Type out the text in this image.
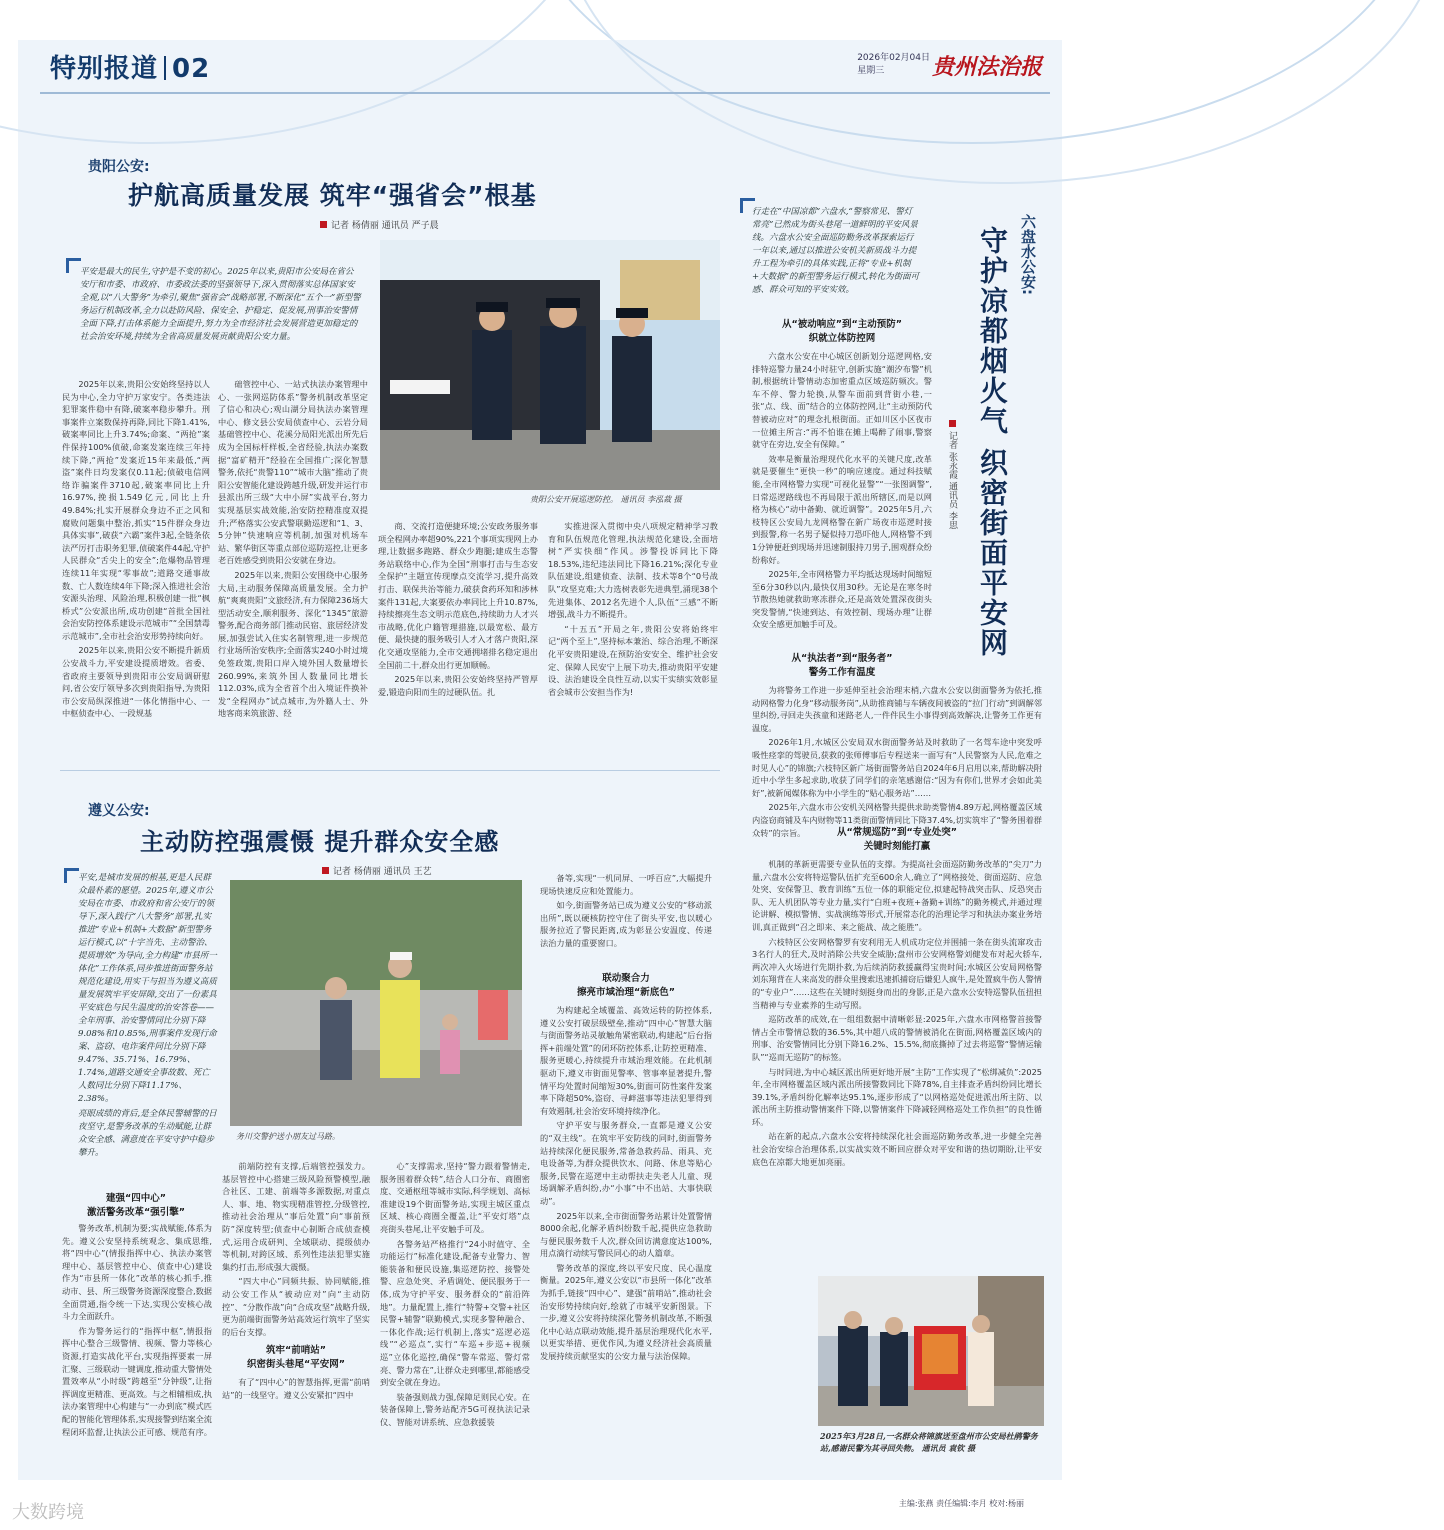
特别报道 02	2026年02月04日
星期三	贵州法治报
贵阳公安:
护航高质量发展 筑牢“强省会”根基
记者 杨倩丽 通讯员 严子晨
平安是最大的民生,守护是不变的初心。2025年以来,贵阳市公安局在省公安厅和市委、市政府、市委政法委的坚强领导下,深入贯彻落实总体国家安全观,以“八大警务”为牵引,聚焦“强省会”战略部署,不断深化“五个一”新型警务运行机制改革,全力以赴防风险、保安全、护稳定、促发展,刑事治安警情全面下降,打击体系能力全面提升,努力为全市经济社会发展营造更加稳定的社会治安环境,持续为全省高质量发展贡献贵阳公安力量。
贵阳公安开展巡逻防控。 通讯员 李泓裁 摄

2025年以来,贵阳公安始终坚持以人民为中心,全力守护万家安宁。各类违法犯罪案件稳中有降,破案率稳步攀升。刑事案件立案数保持再降,同比下降1.41%,破案率同比上升3.74%;命案、“两抢”案件保持100%侦破,命案发案连续三年持续下降,“两抢”发案近15年来最低,“两盗”案件日均发案仅0.11起;侦破电信网络诈骗案件3710起,破案率同比上升16.97%,挽损1.549亿元,同比上升49.84%;扎实开展群众身边不正之风和腐败问题集中整治,抓实“15件群众身边具体实事”,破获“六霸”案件3起,全链条依法严厉打击职务犯罪,侦破案件44起,守护人民群众“舌尖上的安全”;危爆物品管理连续11年实现“零事故”;道路交通事故数、亡人数连续4年下降;深入推进社会治安源头治理、风险治理,积极创建一批“枫桥式”公安派出所,成功创建“首批全国社会治安防控体系建设示范城市”“全国禁毒示范城市”,全市社会治安形势持续向好。

2025年以来,贵阳公安不断提升新质公安战斗力,平安建设提质增效。省委、省政府主要领导到贵阳市公安局调研慰问,省公安厅领导多次到贵阳指导,为贵阳市公安局纵深推进“一体化情指中心、一中枢侦查中心、一段规基

础管控中心、一站式执法办案管理中心、一张网巡防体系”警务机制改革坚定了信心和决心;观山湖分局执法办案管理中心、修文县公安局侦查中心、云岩分局基础管控中心、花溪分局阳光派出所先后成为全国标杆样板,全省经验,执法办案数据“富矿精开”经验在全国推广;深化智慧警务,依托“贵警110”“城市大脑”推动了贵阳公安智能化建设跨越升级,研发并运行市县派出所三级“大中小屏”实战平台,努力实现基层实战效能,治安防控精准度双提升;严格落实公安武警联勤巡逻和“1、3、5分钟”快速响应等机制,加强对机场车站、繁华街区等重点部位巡防巡控,让更多老百姓感受到贵阳公安就在身边。

2025年以来,贵阳公安围绕中心服务大局,主动服务保障高质量发展。全力护航“爽爽贵阳”文旅经济,有力保障236场大型活动安全,顺利服务、深化“1345”旅游警务,配合商务部门推动民宿、旅居经济发展,加强尝试入住实名制管理,进一步规范行业场所治安秩序;全面落实240小时过境免签政策,贵阳口岸入境外国人数量增长260.99%,来筑外国人数量同比增长112.03%,成为全省首个出入境证件换补发“全程网办”试点城市,为外籍人士、外地客商来筑旅游、经

商、交流打造便捷环境;公安政务服务事项全程网办率超90%,221个事项实现网上办理,让数据多跑路、群众少跑腿;建成生态警务站联络中心,作为全国“刑事打击与生态安全保护”主题宣传现摩点交流学习,提升高效打击、联保共治等能力,破获食药环知和涉林案件131起,大案要依办率同比上升10.87%,持续擦亮生态文明示范底色,持续助力人才兴市战略,优化户籍管理措施,以最宽松、最方便、最快捷的服务吸引人才入才落户贵阳,深化交通攻坚能力,全市交通拥堵排名稳定退出全国前二十,群众出行更加顺畅。

2025年以来,贵阳公安始终坚持严管厚爱,锻造向阳而生的过硬队伍。扎

实推进深入贯彻中央八项规定精神学习教育和队伍规范化管理,执法规范化建设,全面培树“严实快细”作风。涉警投诉同比下降18.53%,违纪违法同比下降16.21%;深化专业队伍建设,组建侦查、法制、技术等8个“0号战队”攻坚克难;大力选树表彰先进典型,涌现38个先进集体、2012名先进个人,队伍“三感”不断增强,战斗力不断提升。

“十五五”开局之年,贵阳公安将始终牢记“两个至上”,坚持标本兼治、综合治理,不断深化平安贵阳建设,在预防治安安全、维护社会安定、保障人民安宁上展下功夫,推动贵阳平安建设、法治建设全良性互动,以实干实绩实效彰显省会城市公安担当作为!

遵义公安:
主动防控强震慑 提升群众安全感
记者 杨倩丽 通讯员 王艺
平安,是城市发展的根基,更是人民群众最朴素的愿望。2025年,遵义市公安局在市委、市政府和省公安厅的领导下,深入践行“八大警务”部署,扎实推进“专业+机制+大数据”新型警务运行模式,以“十字当先、主动警治、提质增效”为导向,全力构建“市县所一体化”工作体系,同步推进街面警务站规范化建设,用实干与担当为遵义高质量发展筑牢平安屏障,交出了一份素具平安底色与民生温度的治安答卷——全年刑事、治安警情同比分别下降9.08%和10.85%,刑事案件发现行命案、盗窃、电诈案件同比分别下降9.47%、35.71%、16.79%、1.74%,道路交通安全事故数、死亡人数同比分别下降11.17%、2.38%。
亮眼成绩的背后,是全体民警辅警的日夜坚守,是警务改革的生动赋能,让群众安全感、满意度在平安守护中稳步攀升。
务川交警护送小朋友过马路。
建强“四中心”
激活警务改革“强引擎”

警务改革,机制为要;实战赋能,体系为先。遵义公安坚持系统观念、集成思维,将“四中心”(情报指挥中心、执法办案管理中心、基层管控中心、侦查中心)建设作为“市县所一体化”改革的核心抓手,推动市、县、所三级警务资源深度整合,数据全面贯通,指令统一下达,实现公安核心战斗力全面跃升。

作为警务运行的“指挥中枢”,情报指挥中心整合三级警情、视频、警力等核心资源,打造实战化平台,实现指挥要素一屏汇聚、三级联动一键调度,推动重大警情处置效率从“小时级”跨越至“分钟级”,让指挥调度更精准、更高效。与之相辅相成,执法办案管理中心构建与“一办到底”模式匹配的智能化管理体系,实现接警到结案全流程闭环监督,让执法公正可感、规范有序。

前端防控有支撑,后端管控强发力。基层管控中心搭建三级风险预警模型,融合社区、工建、前端等多源数据,对重点人、事、地、物实现精准管控,分级管控,推动社会治理从“事后处置”向“事前预防”深度转型;侦查中心制断合成侦查模式,运用合成研判、全域联动、提级侦办等机制,对跨区域、系列性违法犯罪实施集约打击,形成强大震慑。

“四大中心”同频共振、协同赋能,推动公安工作从“被动应对”向“主动防控”、“分散作战”向“合成攻坚”战略升级,更为前端街面警务站高效运行筑牢了坚实的后台支撑。

筑牢“前哨站”
织密街头巷尾“平安网”

有了“四中心”的智慧指挥,更需“前哨站”的一线坚守。遵义公安紧扣“四中

心”支撑需求,坚持“警力跟着警情走,服务围着群众转”,结合人口分布、商圈密度、交通枢纽等城市实际,科学规划、高标准建设19个街面警务站,实现主城区重点区域、核心商圈全覆盖,让“平安灯塔”点亮街头巷尾,让平安触手可及。

各警务站严格推行“24小时值守、全功能运行”标准化建设,配备专业警力、智能装备和便民设施,集巡逻防控、接警处警、应急处突、矛盾调处、便民服务于一体,成为守护平安、服务群众的“前沿阵地”。力量配置上,推行“特警+交警+社区民警+辅警”联勤模式,实现多警种融合、一体化作战;运行机制上,落实“巡逻必巡线”“必巡点”,实行“车巡+步巡+视频巡”立体化巡控,确保“警车常巡、警灯常亮、警力常在”,让群众走到哪里,都能感受到安全就在身边。

装备强则战力强,保障足则民心安。在装备保障上,警务站配齐5G可视执法记录仪、智能对讲系统、应急救援装

备等,实现“一机同屏、一呼百应”,大幅提升现场快速反应和处置能力。

如今,街面警务站已成为遵义公安的“移动派出所”,既以硬核防控守住了街头平安,也以暖心服务拉近了警民距离,成为彰显公安温度、传递法治力量的重要窗口。

联动聚合力
擦亮市域治理“新底色”

为构建起全域覆盖、高效运转的防控体系,遵义公安打破层级壁垒,推动“四中心”智慧大脑与街面警务站灵敏触角紧密联动,构建起“后台指挥+前端处置”的闭环防控体系,让防控更精准、服务更暖心,持续提升市域治理效能。在此机制驱动下,遵义市街面见警率、管事率显著提升,警情平均处置时间缩短30%,街面可防性案件发案率下降超50%,盗窃、寻衅滋事等违法犯罪得到有效遏制,社会治安环境持续净化。

守护平安与服务群众,一直都是遵义公安的“双主线”。在筑牢平安防线的同时,街面警务站持续深化便民服务,常备急救药品、雨具、充电设备等,为群众提供饮水、问路、休息等贴心服务,民警在巡逻中主动帮扶走失老人儿童、现场调解矛盾纠纷,办“小事”中不出站、大事快联动”。

2025年以来,全市街面警务站累计处置警情8000余起,化解矛盾纠纷数千起,提供应急救助与便民服务数千人次,群众回访满意度达100%,用点滴行动续写警民同心的动人篇章。

警务改革的深度,终以平安尺度、民心温度衡量。2025年,遵义公安以“市县所一体化”改革为抓手,链接“四中心”、建强“前哨站”,推动社会治安形势持续向好,绘就了市城平安新图景。下一步,遵义公安将持续深化警务机制改革,不断强化中心站点联动效能,提升基层治理现代化水平,以更实举措、更优作风,为遵义经济社会高质量发展持续贡献坚实的公安力量与法治保障。

行走在“中国凉都”六盘水,“警察常见、警灯常亮”已然成为街头巷尾一道鲜明的平安风景线。六盘水公安全面巡防勤务改革探索运行一年以来,通过以推进公安机关新质战斗力提升工程为牵引的具体实践,正将“专业+机制+大数据”的新型警务运行模式,转化为街面可感、群众可知的平安实效。	六盘水公安:
守护凉都烟火气 织密街面平安网
记者 张永霞 通讯员 李思
从“被动响应”到“主动预防”
织就立体防控网

六盘水公安在中心城区创新划分巡逻网格,安排特巡警力量24小时驻守,创新实施“潮汐布警”机制,根据统计警情动态加密重点区域巡防频次。警车不停、警力轮换,从警车面前到背街小巷,一张“点、线、面”结合的立体防控网,让“主动预防代替被动应对”的理念扎根街面。正如川区小区夜市一位摊主所言:“再不怕谁在摊上喝醉了闹事,警察就守在旁边,安全有保障。”

效率是衡量治理现代化水平的关键尺度,改革就是要催生“更快一秒”的响应速度。通过科技赋能,全市网格警力实现“可视化显警”“一张图调警”,日常巡逻路线也不再局限于派出所辖区,而是以网格为核心“动中备勤、就近调警”。2025年5月,六枝特区公安局九龙网格警在新广场夜市巡逻时接到报警,称一名男子疑似持刀恐吓他人,网格警不到1分钟便赶到现场并迅速制服持刀男子,围观群众纷纷称好。

2025年,全市网格警力平均抵达现场时间缩短至6分30秒以内,最快仅用30秒。无论是在寒冬时节散热她就救助寒冻群众,还是高效处置深夜街头突发警情,“快速到达、有效控制、现场办理”让群众安全感更加触手可及。

从“执法者”到“服务者”
警务工作有温度

为将警务工作进一步延伸至社会治理末梢,六盘水公安以街面警务为依托,推动网格警力化身“移动服务岗”,从助推商铺与车辆夜间被盗的“拉门行动”到调解邻里纠纷,寻回走失孩童和迷路老人,一件件民生小事得到高效解决,让警务工作更有温度。

2026年1月,水城区公安局双水街面警务站及时救助了一名驾车途中突发呼吸性痉挛的驾驶员,获救的张师傅事后专程送来一面写有“人民警察为人民,危难之时见人心”的锦旗;六枝特区新广场街面警务站自2024年6月启用以来,帮助解决附近中小学生多起求助,收获了同学们的亲笔感谢信:“因为有你们,世界才会如此美好”,被新闻媒体称为中小学生的“贴心服务站”……

2025年,六盘水市公安机关网格警共提供求助类警情4.89万起,网格覆盖区域内盗窃商铺及车内财物等11类街面警情同比下降37.4%,切实筑牢了“警务围着群众转”的宗旨。	从“常规巡防”到“专业处突”
关键时刻能打赢

机制的革新更需要专业队伍的支撑。为提高社会面巡防勤务改革的“尖刀”力量,六盘水公安将特巡警队伍扩充至600余人,确立了“网格接处、街面巡防、应急处突、安保警卫、教育训练”五位一体的职能定位,拟建起特战突击队、反恐突击队、无人机团队等专业力量,实行“白班+夜班+备勤+训练”的勤务模式,并通过理论讲解、模拟警情、实战演练等形式,开展常态化的治理论学习和执法办案业务培训,真正做到“召之即来、来之能战、战之能胜”。

六枝特区公安网格警罗有安利用无人机成功定位并围捕一条在街头流窜攻击3名行人的狂犬,及时消除公共安全威胁;盘州市公安网格警刘健发布对起火轿车,两次冲入火场进行先期扑救,为后续消防救援赢得宝贵时间;水城区公安局网格警刘东翔背在人来高发的群众里搜索迅速抓捕窃后嫌犯人疯牛,是处置疯牛伤人警情的“专业户”……这些在关键时刻挺身而出的身影,正是六盘水公安特巡警队伍扭担当精神与专业素养的生动写照。

巡防改革的成效,在一组组数据中清晰彰显:2025年,六盘水市网格警首接警情占全市警情总数的36.5%,其中超八成的警情被消化在街面,网格覆盖区域内的刑事、治安警情同比分别下降16.2%、15.5%,彻底撕掉了过去将巡警“警情运输队”“巡而无巡防”的标签。

与时同进,为中心城区派出所更好地开展“主防”工作实现了“松绑减负”:2025年,全市网格覆盖区域内派出所接警数同比下降78%,自主排查矛盾纠纷同比增长39.1%,矛盾纠纷化解率达95.1%,逐步形成了“以网格巡处促进派出所主防、以派出所主防推动警情案件下降,以警情案件下降减轻网格巡处工作负担”的良性循环。

站在新的起点,六盘水公安将持续深化社会面巡防勤务改革,进一步健全完善社会治安综合治理体系,以实战实效不断回应群众对平安和谐的热切期盼,让平安底色在凉都大地更加亮丽。

2025年3月28日,一名群众将锦旗送至盘州市公安局杜鹃警务站,感谢民警为其寻回失物。 通讯员 袁钦 摄
大数跨境	主编:张燕 责任编辑:李月 校对:杨丽
